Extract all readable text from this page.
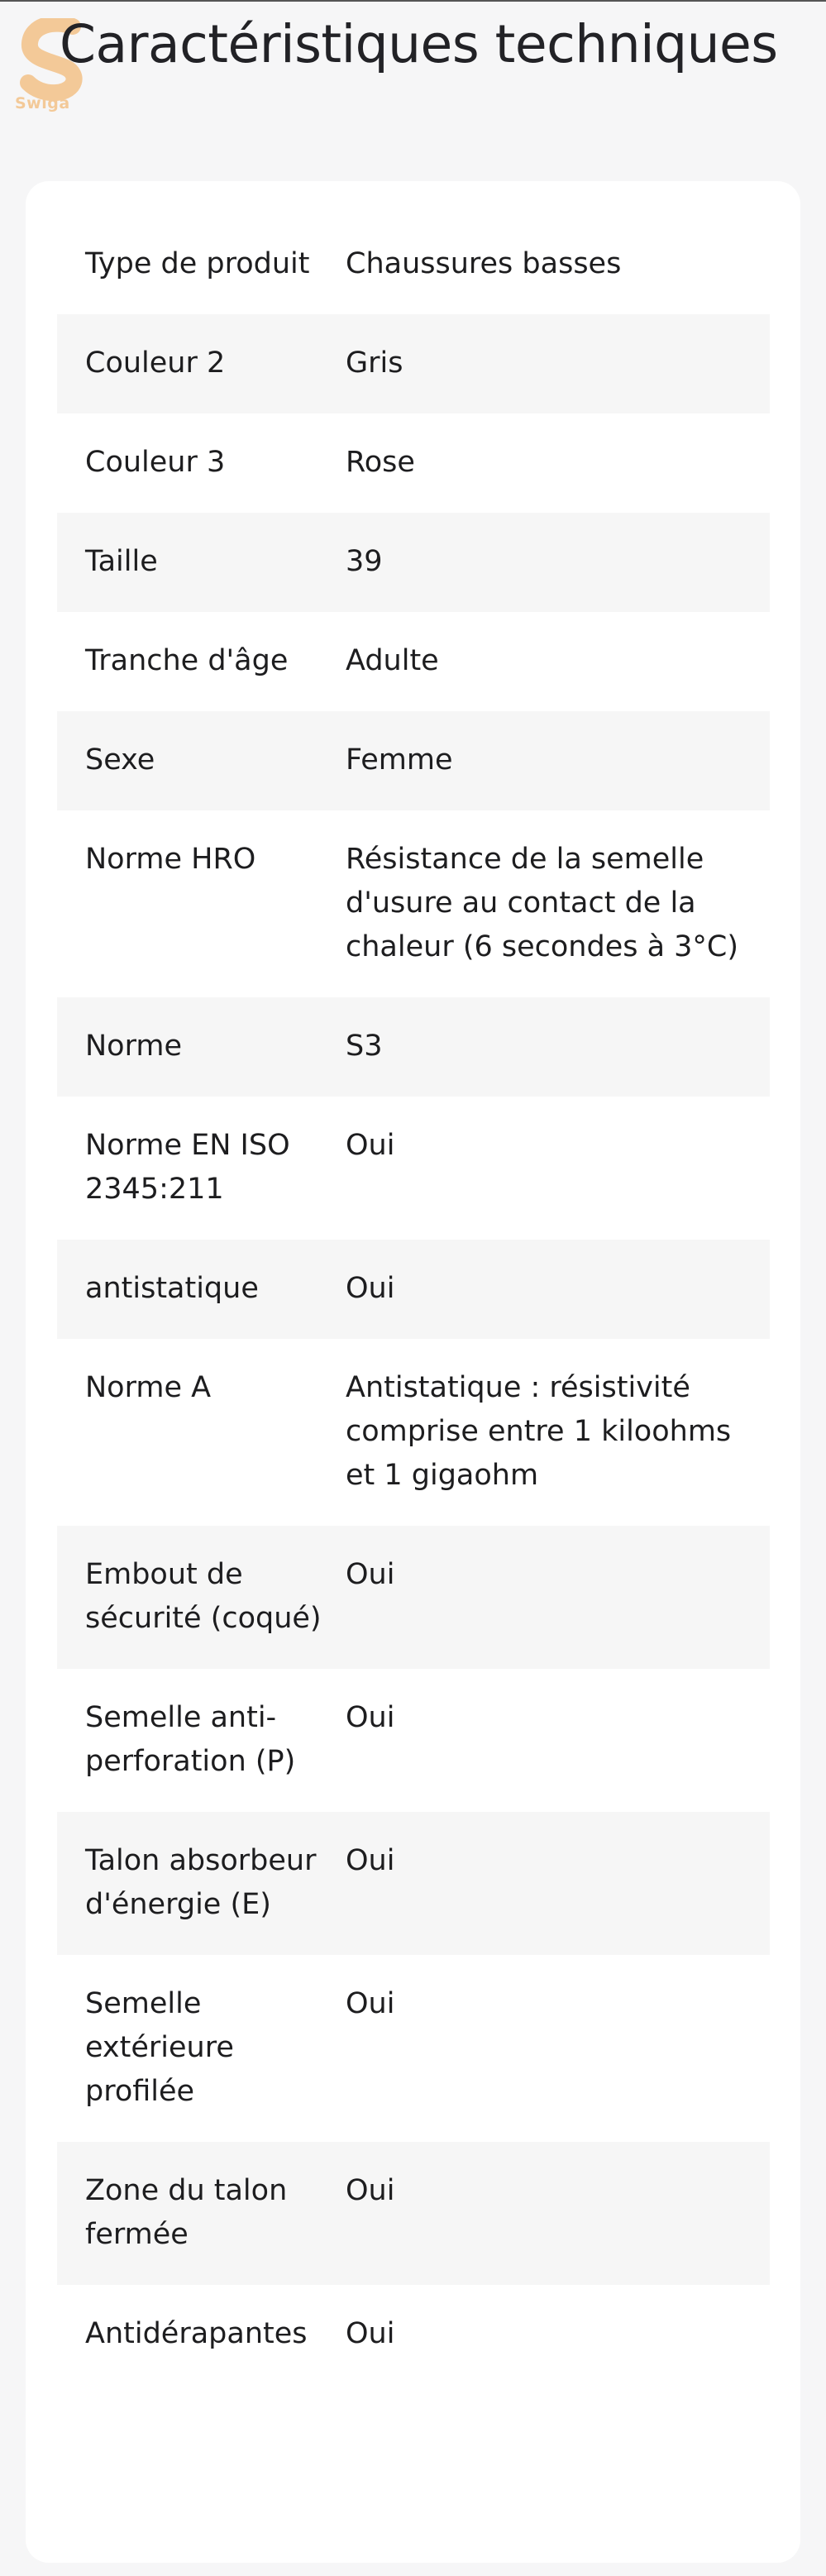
Swiga
Caractéristiques techniques
Type de produit	Chaussures basses
Couleur 2	Gris
Couleur 3	Rose
Taille	39
Tranche d'âge	Adulte
Sexe	Femme
Norme HRO	Résistance de la semelle d'usure au contact de la chaleur (6 secondes à 3°C)
Norme	S3
Norme EN ISO 2345:211	Oui
antistatique	Oui
Norme A	Antistatique : résistivité comprise entre 1 kiloohms et 1 gigaohm
Embout de sécurité (coqué)	Oui
Semelle anti-perforation (P)	Oui
Talon absorbeur d'énergie (E)	Oui
Semelle extérieure profilée	Oui
Zone du talon fermée	Oui
Antidérapantes	Oui
